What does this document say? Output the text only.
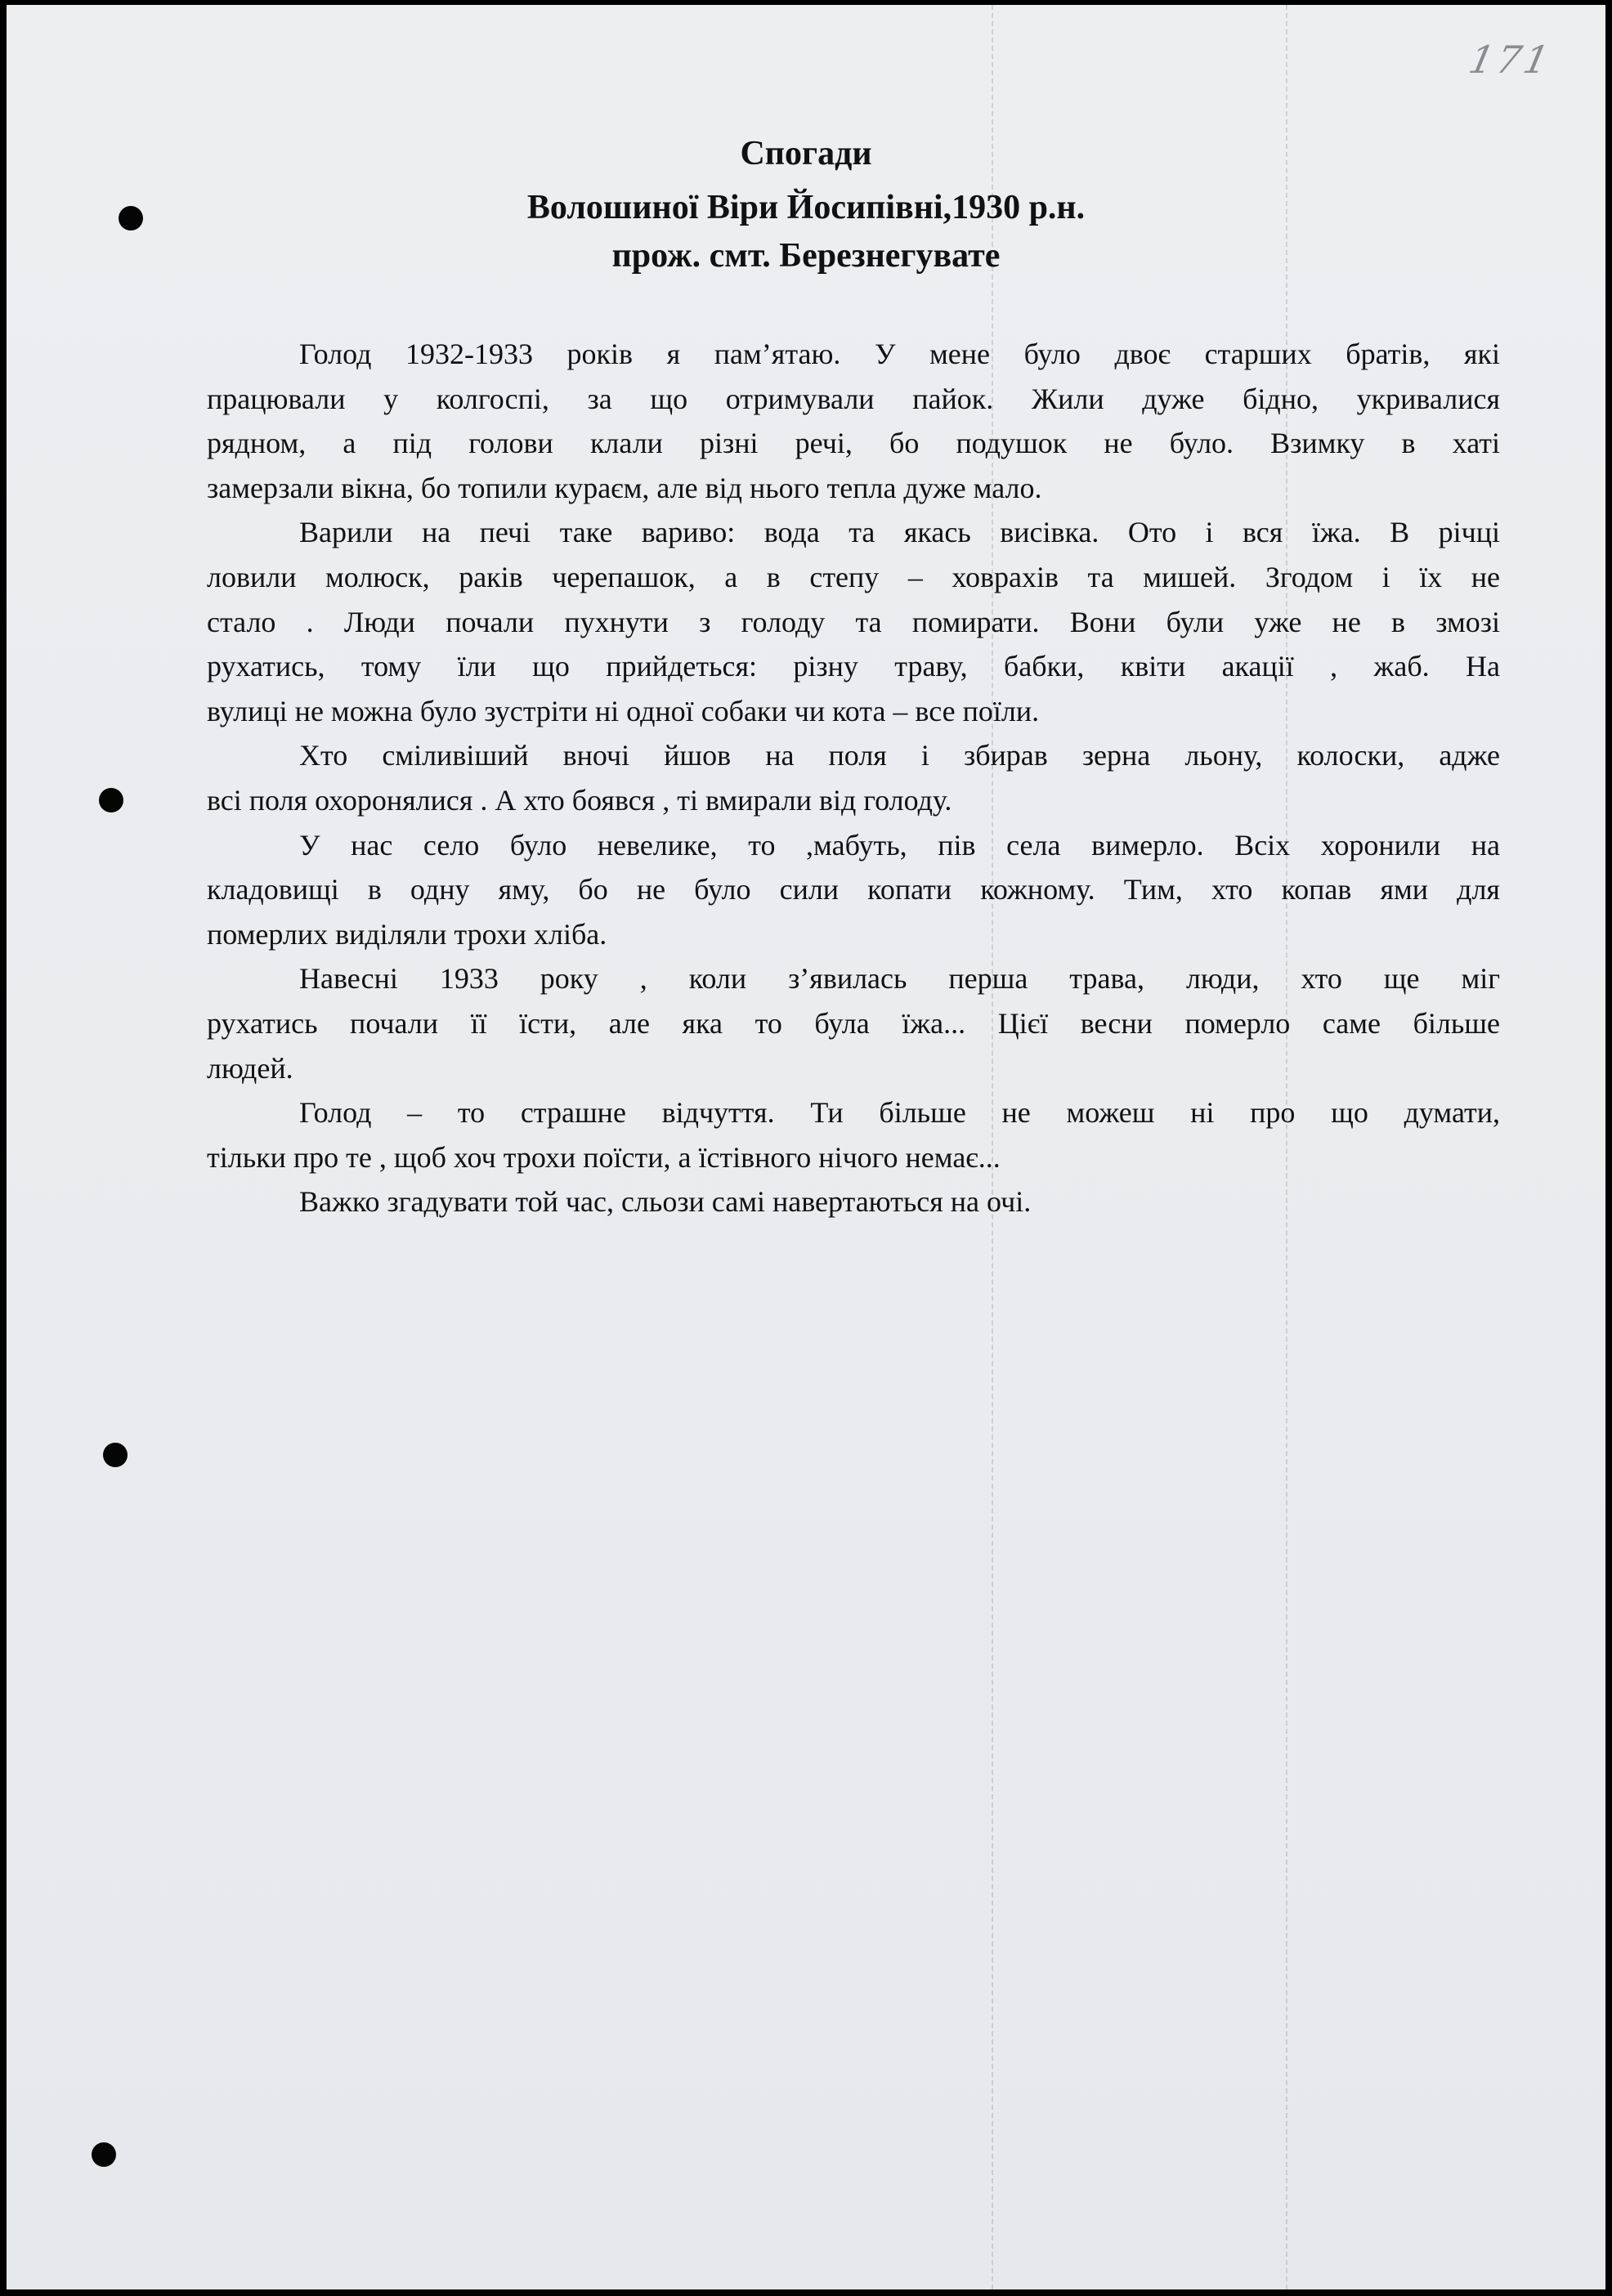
171
Спогади
Волошиної Віри Йосипівні,1930 р.н.
прож. смт. Березнегувате
Голод 1932-1933 років я пам’ятаю. У мене було двоє старших братів, які
працювали у колгоспі, за що отримували пайок. Жили дуже бідно, укривалися
рядном, а під голови клали різні речі, бо подушок не було. Взимку в хаті
замерзали вікна, бо топили кураєм, але від нього тепла дуже мало.
Варили на печі таке вариво: вода та якась висівка. Ото і вся їжа. В річці
ловили молюск, раків черепашок, а в степу – ховрахів та мишей. Згодом і їх не
стало . Люди почали пухнути з голоду та помирати. Вони були уже не в змозі
рухатись, тому їли що прийдеться: різну траву, бабки, квіти акації , жаб. На
вулиці не можна було зустріти ні одної собаки чи кота – все поїли.
Хто сміливіший вночі йшов на поля і збирав зерна льону, колоски, адже
всі поля охоронялися . А хто боявся , ті вмирали від голоду.
У нас село було невелике, то ,мабуть, пів села вимерло. Всіх хоронили на
кладовищі в одну яму, бо не було сили копати кожному. Тим, хто копав ями для
померлих виділяли трохи хліба.
Навесні 1933 року , коли з’явилась перша трава, люди, хто ще міг
рухатись почали її їсти, але яка то була їжа... Цієї весни померло саме більше
людей.
Голод – то страшне відчуття. Ти більше не можеш ні про що думати,
тільки про те , щоб хоч трохи поїсти, а їстівного нічого немає...
Важко згадувати той час, сльози самі навертаються на очі.
